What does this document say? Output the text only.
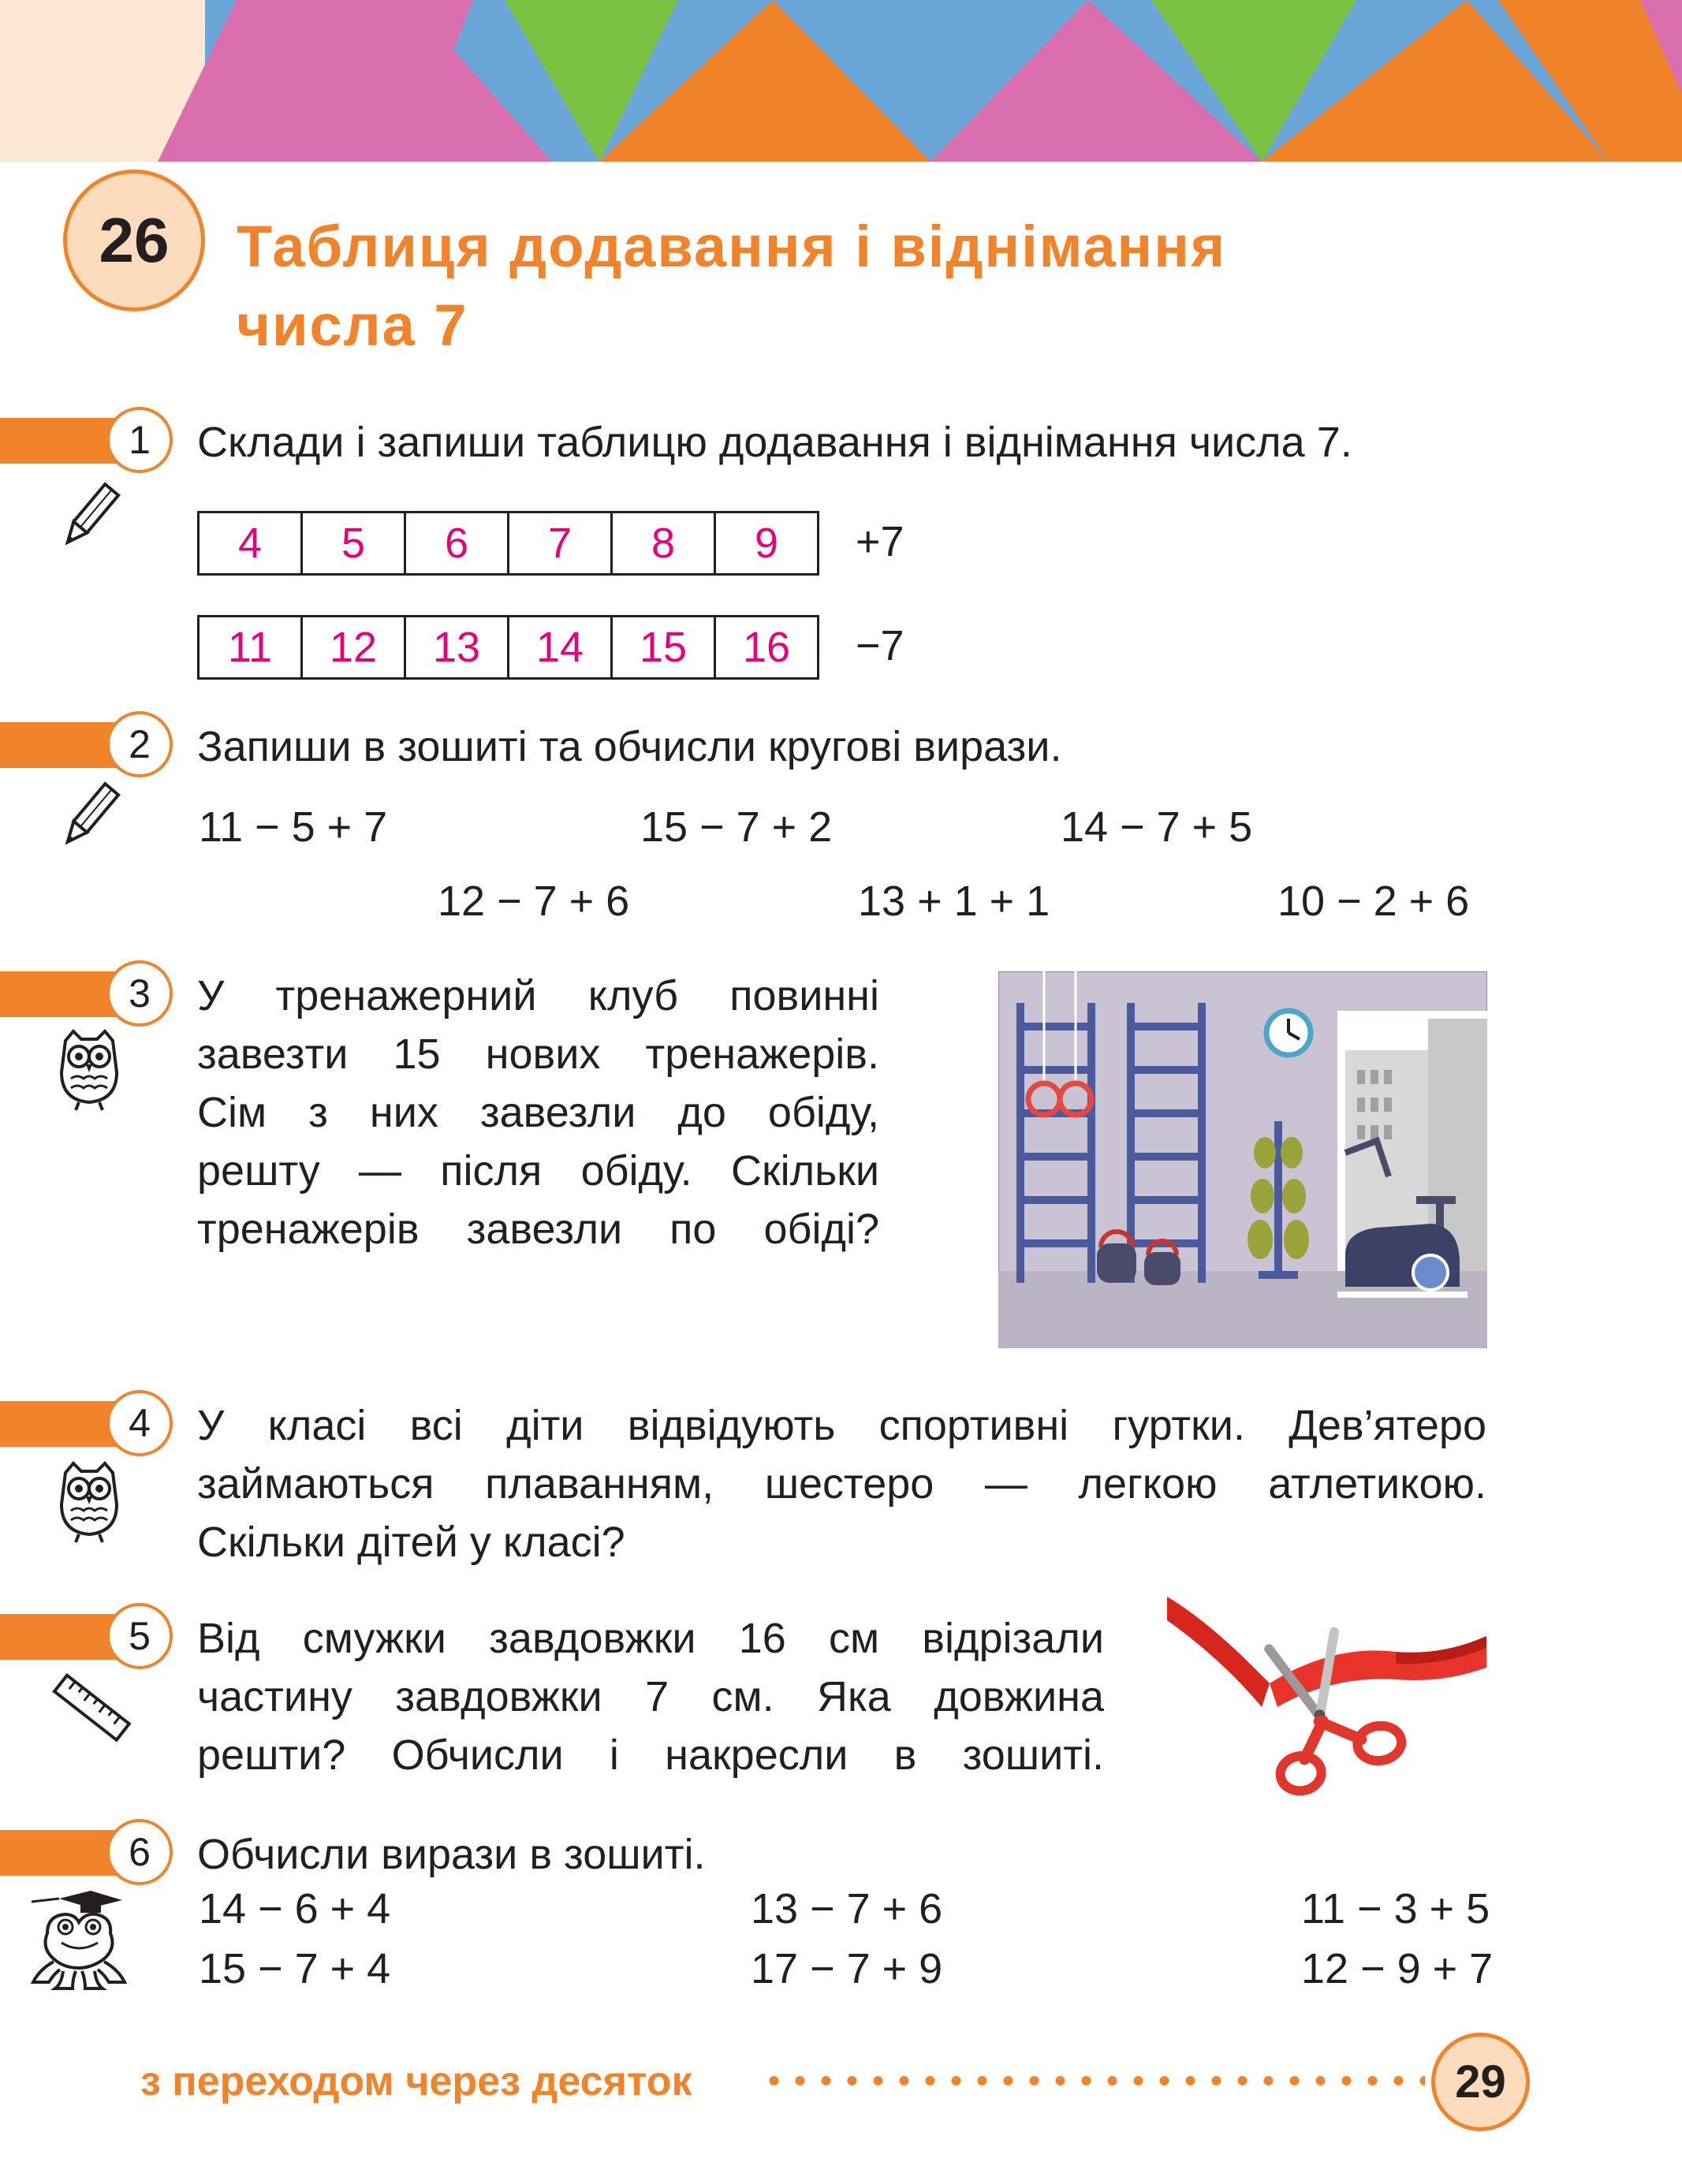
26 Таблиця додавання і віднімання
числа 7
1	Склади і запиши таблицю додавання і віднімання числа 7.
4	5	6	7	8	9 +7
11	12	13	14	15	16 −7
2	Запиши в зошиті та обчисли кругові вирази.
11 − 5 + 7	15 − 7 + 2	14 − 7 + 5
12 − 7 + 6	13 + 1 + 1	10 − 2 + 6
3	У тренажерний клуб повинні
завезти 15 нових тренажерів.
Сім з них завезли до обіду,
решту — після обіду. Скільки
тренажерів завезли по обіді?
4	У класі всі діти відвідують спортивні гуртки. Дев’ятеро
займаються плаванням, шестеро — легкою атлетикою.
Скільки дітей у класі?
5	Від смужки завдовжки 16 см відрізали
частину завдовжки 7 см. Яка довжина
решти? Обчисли і накресли в зошиті.
6	Обчисли вирази в зошиті.
14 − 6 + 4	13 − 7 + 6	11 − 3 + 5
15 − 7 + 4	17 − 7 + 9	12 − 9 + 7
з переходом через десяток	29
